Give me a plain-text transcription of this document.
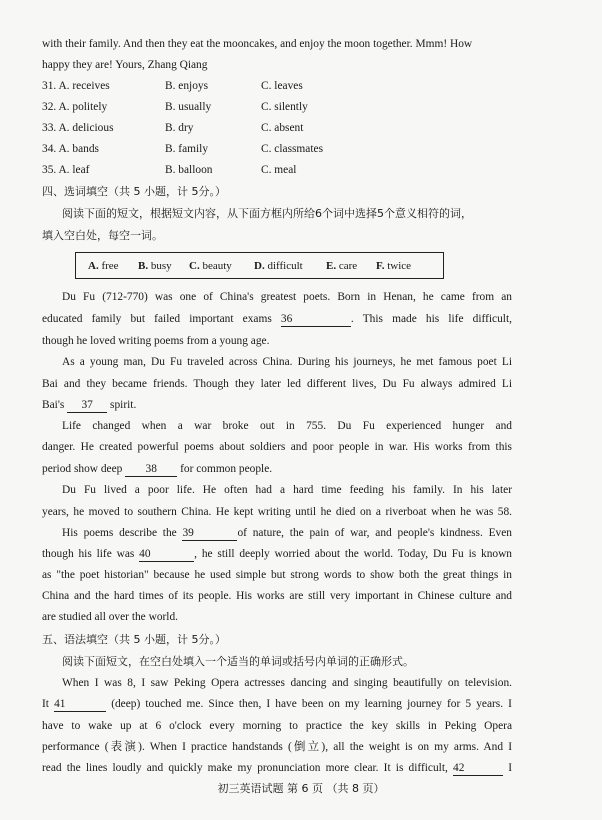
with their family. And then they eat the mooncakes, and enjoy the moon together. Mmm! How
happy they are! Yours, Zhang Qiang
31. A. receives	B. enjoys	C. leaves
32. A. politely	B. usually	C. silently
33. A. delicious	B. dry	C. absent
34. A. bands	B. family	C. classmates
35. A. leaf	B. balloon	C. meal
四、选词填空（共 5 小题，计 5分。）
阅读下面的短文，根据短文内容，从下面方框内所给6个词中选择5个意义相符的词，
填入空白处，每空一词。
A. free B. busy C. beauty D. difficult E. care F. twice
Du Fu (712-770) was one of China's greatest poets. Born in Henan, he came from an
educated family but failed important exams 36	. This made his life difficult,
though he loved writing poems from a young age.
As a young man, Du Fu traveled across China. During his journeys, he met famous poet Li
Bai and they became friends. Though they later led different lives, Du Fu always admired Li
Bai's 37 spirit.
Life changed when a war broke out in 755. Du Fu experienced hunger and
danger. He created powerful poems about soldiers and poor people in war. His works from this
period show deep 38 for common people.
Du Fu lived a poor life. He often had a hard time feeding his family. In his later
years, he moved to southern China. He kept writing until he died on a riverboat when he was 58.
His poems describe the 39	of nature, the pain of war, and people's kindness. Even
though his life was 40	, he still deeply worried about the world. Today, Du Fu is known
as "the poet historian" because he used simple but strong words to show both the great things in
China and the hard times of its people. His works are still very important in Chinese culture and
are studied all over the world.
五、语法填空（共 5 小题，计 5分。）
阅读下面短文，在空白处填入一个适当的单词或括号内单词的正确形式。
When I was 8, I saw Peking Opera actresses dancing and singing beautifully on television.
It 41	(deep) touched me. Since then, I have been on my learning journey for 5 years. I
have to wake up at 6 o'clock every morning to practice the key skills in Peking Opera
performance (表演). When I practice handstands (倒立), all the weight is on my arms. And I
read the lines loudly and quickly make my pronunciation more clear. It is difficult, 42	I
初三英语试题 第 6 页 （共 8 页）
